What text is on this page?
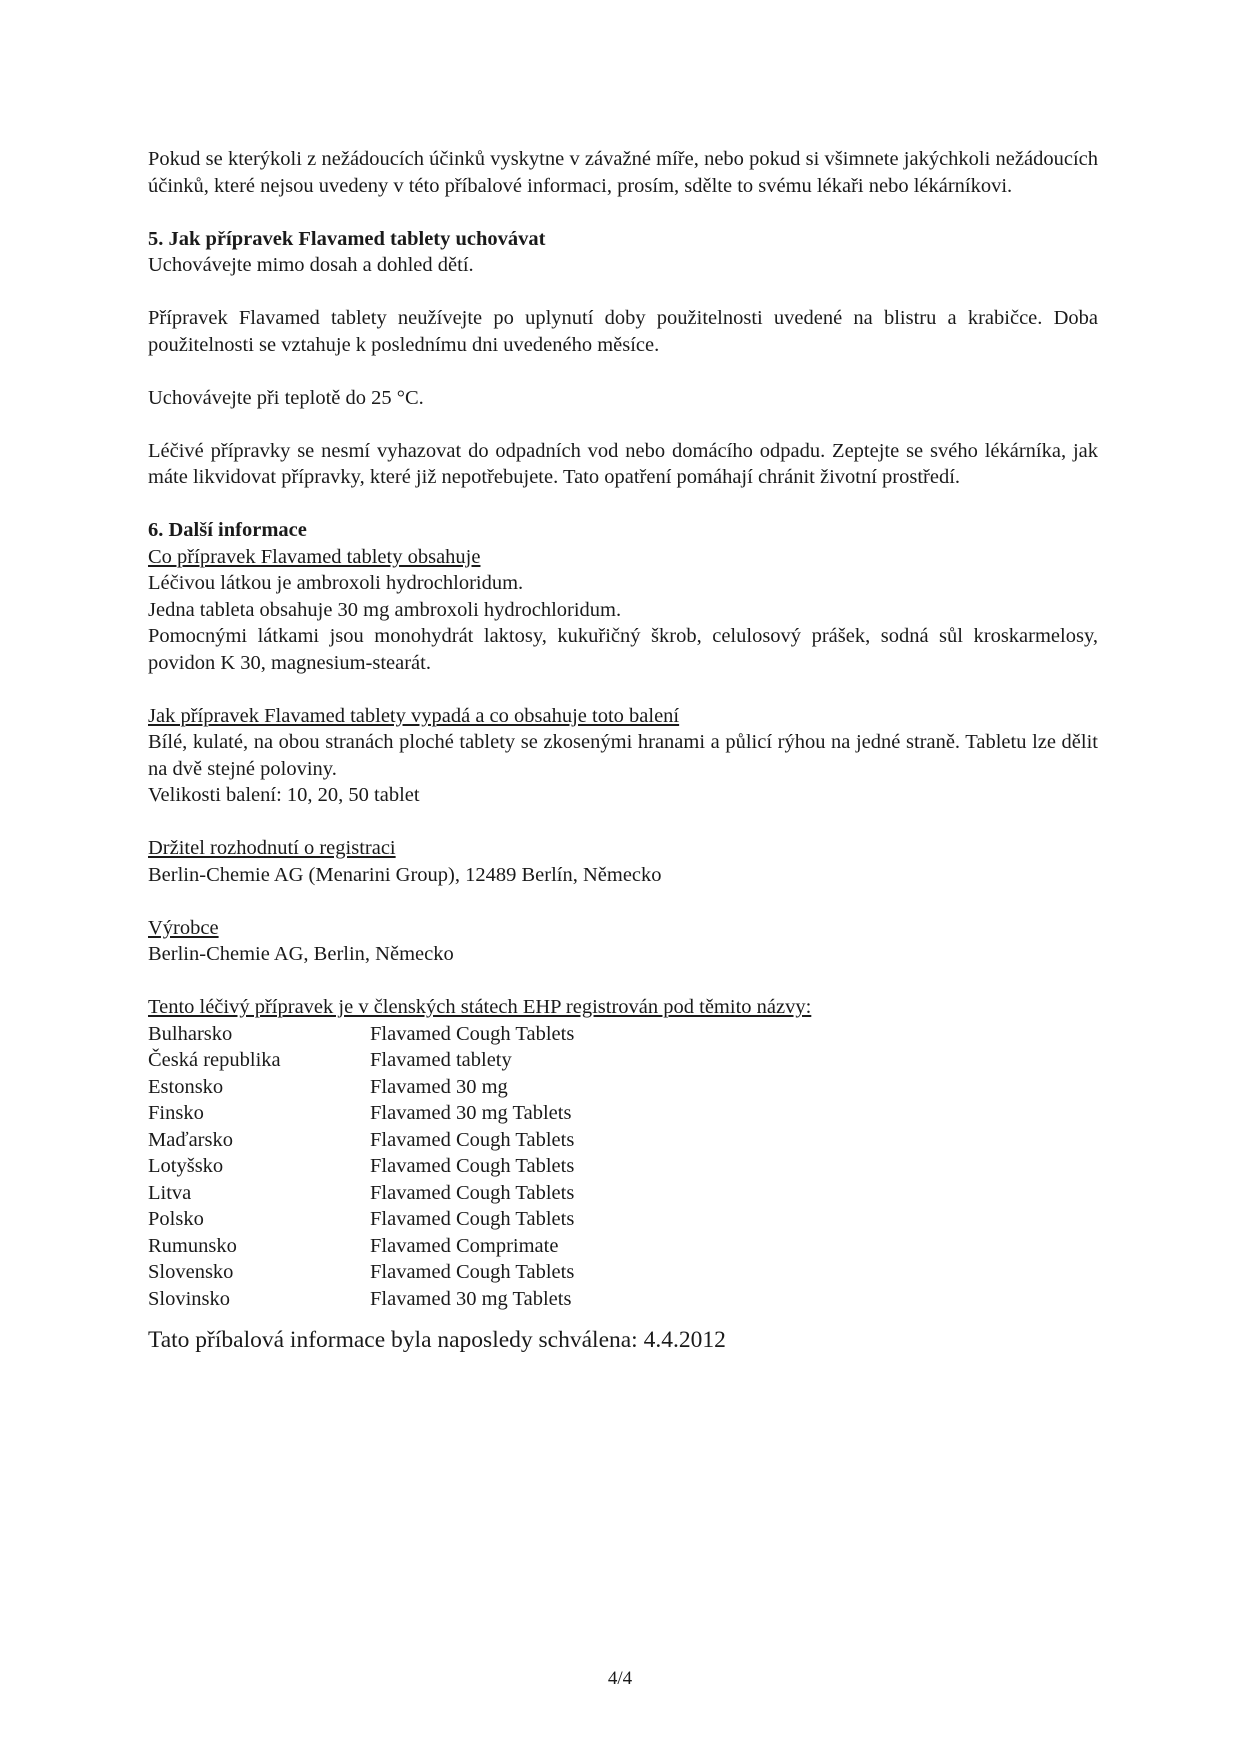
Pokud se kterýkoli z nežádoucích účinků vyskytne v závažné míře, nebo pokud si všimnete jakýchkoli nežádoucích účinků, které nejsou uvedeny v této příbalové informaci, prosím, sdělte to svému lékaři nebo lékárníkovi.

5. Jak přípravek Flavamed tablety uchovávat

Uchovávejte mimo dosah a dohled dětí.

Přípravek Flavamed tablety neužívejte po uplynutí doby použitelnosti uvedené na blistru a krabičce. Doba použitelnosti se vztahuje k poslednímu dni uvedeného měsíce.

Uchovávejte při teplotě do 25 °C.

Léčivé přípravky se nesmí vyhazovat do odpadních vod nebo domácího odpadu. Zeptejte se svého lékárníka, jak máte likvidovat přípravky, které již nepotřebujete. Tato opatření pomáhají chránit životní prostředí.

6. Další informace

Co přípravek Flavamed tablety obsahuje

Léčivou látkou je ambroxoli hydrochloridum.

Jedna tableta obsahuje 30 mg ambroxoli hydrochloridum.

Pomocnými látkami jsou monohydrát laktosy, kukuřičný škrob, celulosový prášek, sodná sůl kroskarmelosy, povidon K 30, magnesium-stearát.

Jak přípravek Flavamed tablety vypadá a co obsahuje toto balení

Bílé, kulaté, na obou stranách ploché tablety se zkosenými hranami a půlicí rýhou na jedné straně. Tabletu lze dělit na dvě stejné poloviny.

Velikosti balení: 10, 20, 50 tablet

Držitel rozhodnutí o registraci

Berlin-Chemie AG (Menarini Group), 12489 Berlín, Německo

Výrobce

Berlin-Chemie AG, Berlin, Německo

Tento léčivý přípravek je v členských státech EHP registrován pod těmito názvy:

Bulharsko	Flavamed Cough Tablets
Česká republika	Flavamed tablety
Estonsko	Flavamed 30 mg
Finsko	Flavamed 30 mg Tablets
Maďarsko	Flavamed Cough Tablets
Lotyšsko	Flavamed Cough Tablets
Litva	Flavamed Cough Tablets
Polsko	Flavamed Cough Tablets
Rumunsko	Flavamed Comprimate
Slovensko	Flavamed Cough Tablets
Slovinsko	Flavamed 30 mg Tablets

Tato příbalová informace byla naposledy schválena: 4.4.2012

4/4
